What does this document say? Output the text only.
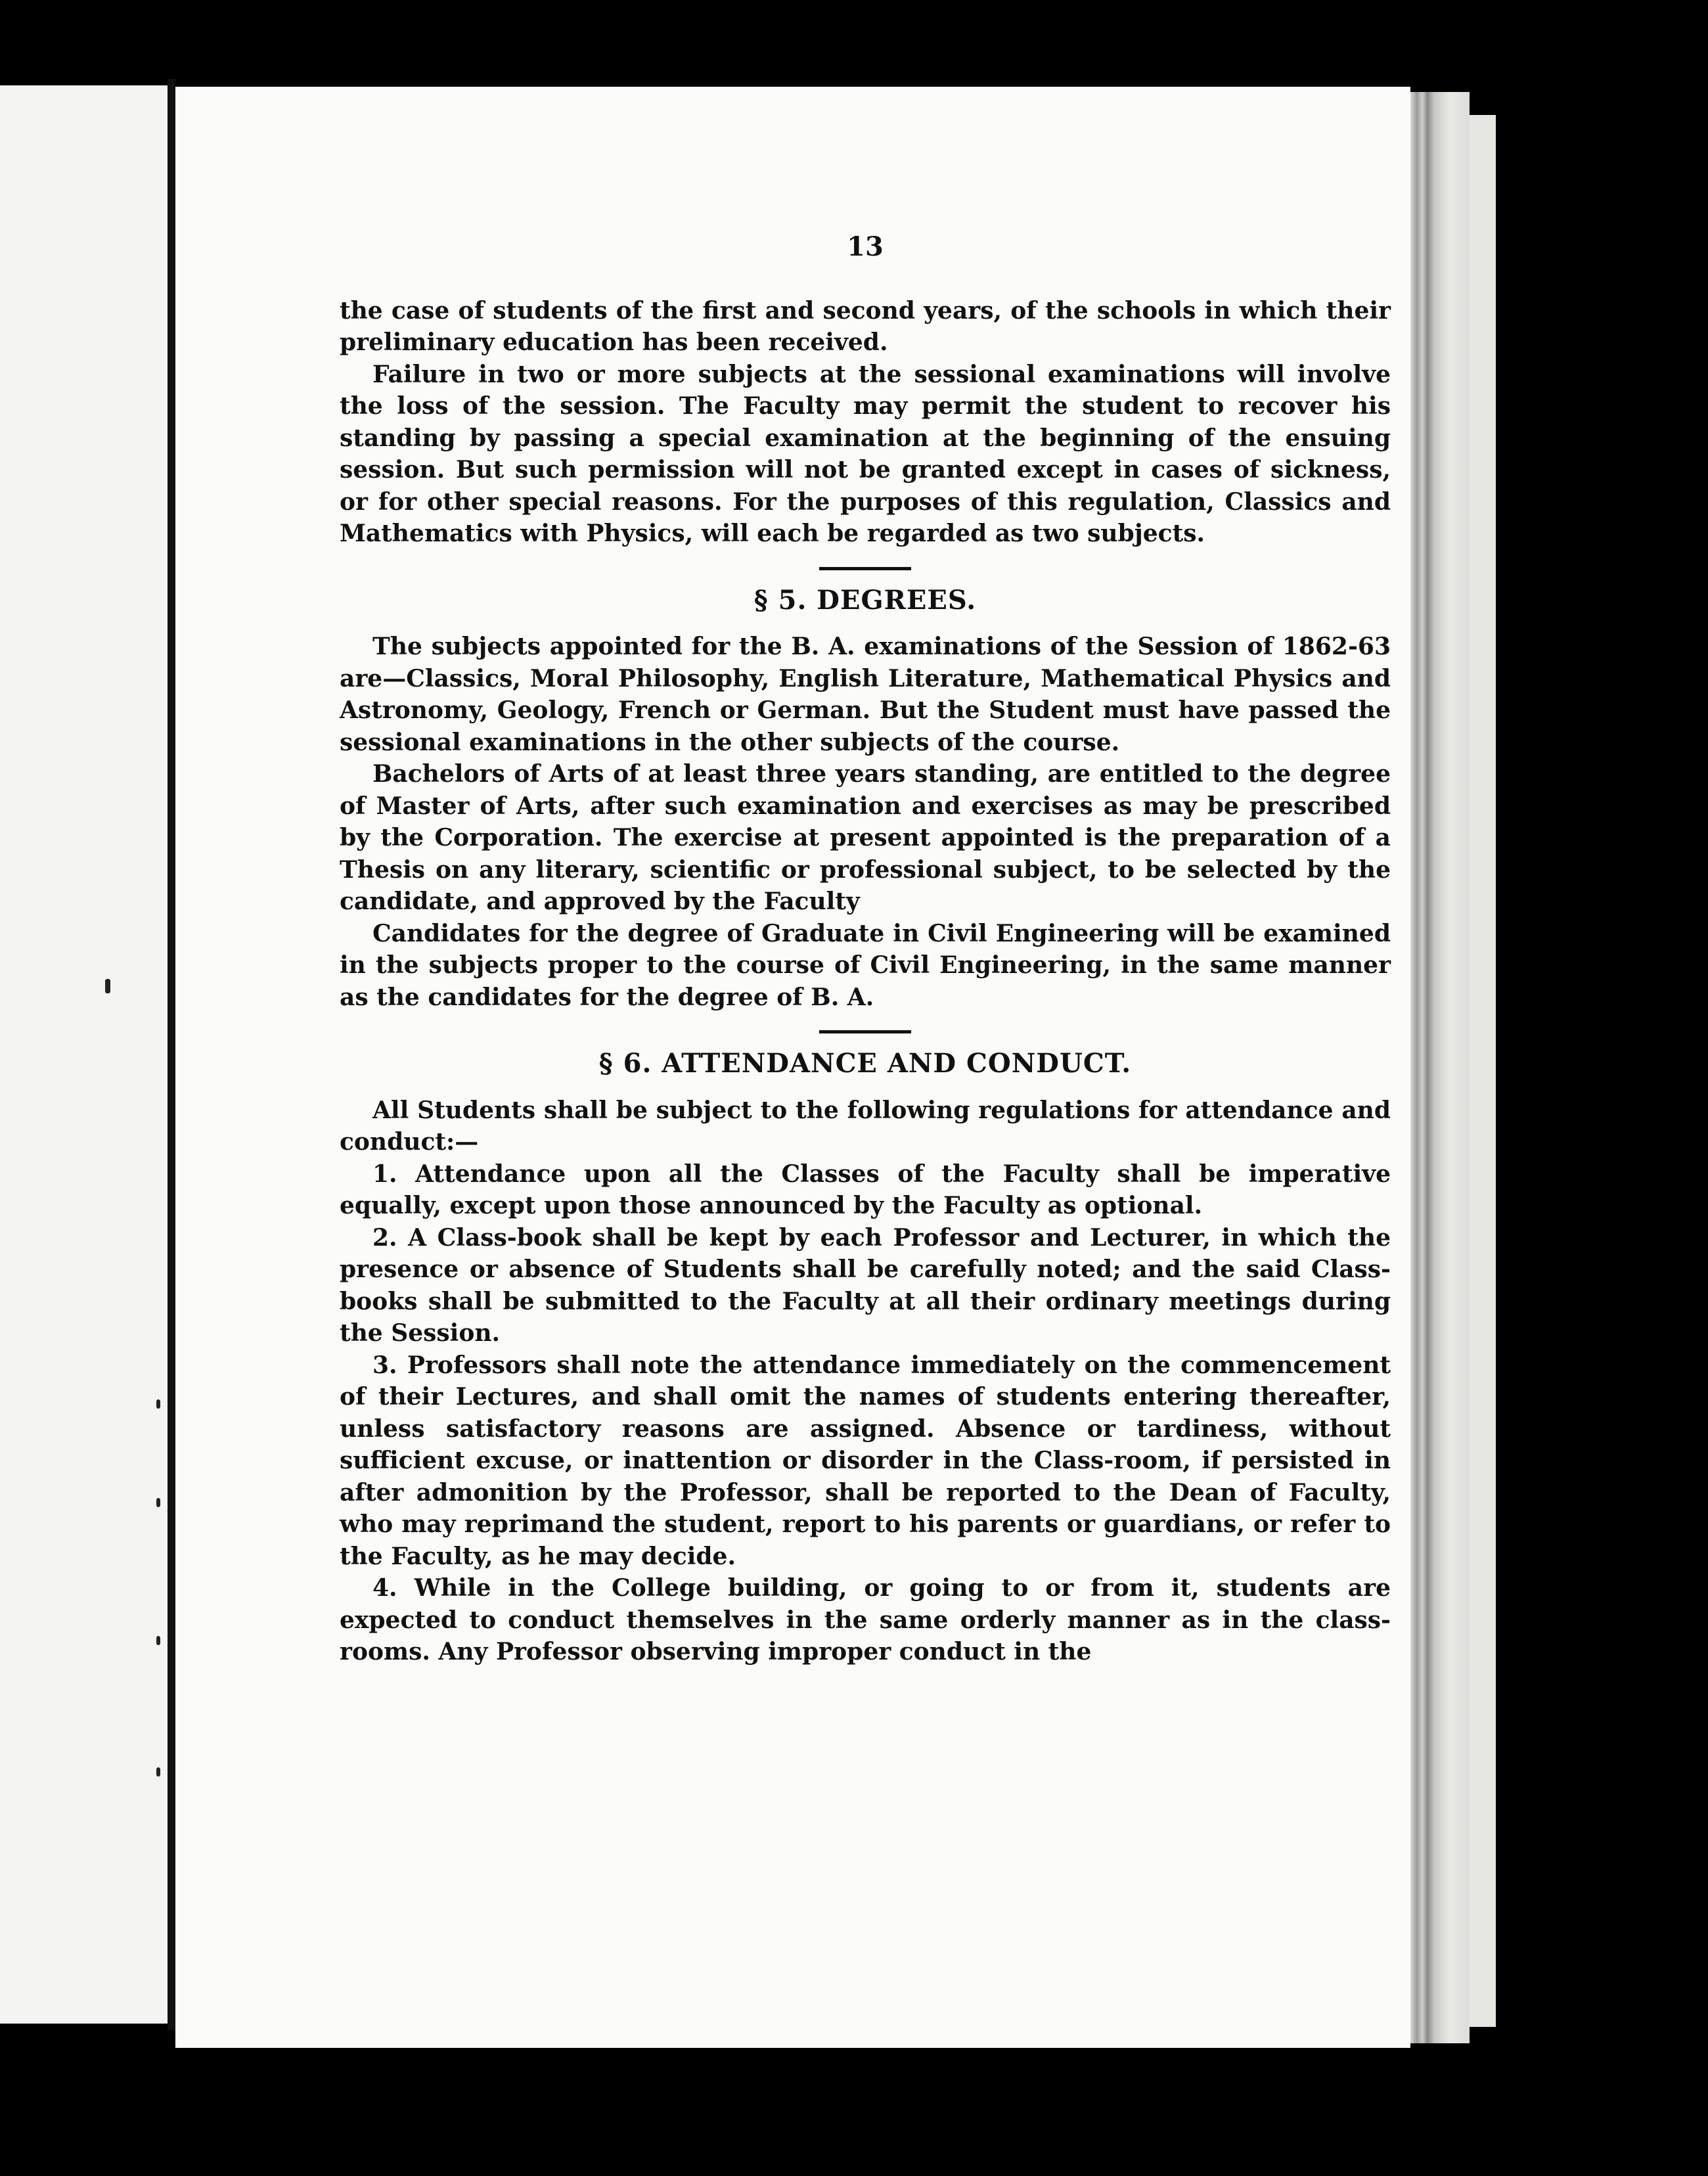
13

the case of students of the first and second years, of the schools in which their preliminary education has been received.

Failure in two or more subjects at the sessional examinations will involve the loss of the session. The Faculty may permit the student to recover his standing by passing a special examination at the beginning of the ensuing session. But such permission will not be granted except in cases of sickness, or for other special reasons. For the purposes of this regulation, Classics and Mathematics with Physics, will each be regarded as two subjects.

§ 5. DEGREES.

The subjects appointed for the B. A. examinations of the Session of 1862-63 are—Classics, Moral Philosophy, English Literature, Mathematical Physics and Astronomy, Geology, French or German. But the Student must have passed the sessional examinations in the other subjects of the course.

Bachelors of Arts of at least three years standing, are entitled to the degree of Master of Arts, after such examination and exercises as may be prescribed by the Corporation. The exercise at present appointed is the preparation of a Thesis on any literary, scientific or professional subject, to be selected by the candidate, and approved by the Faculty

Candidates for the degree of Graduate in Civil Engineering will be examined in the subjects proper to the course of Civil Engineering, in the same manner as the candidates for the degree of B. A.

§ 6. ATTENDANCE AND CONDUCT.

All Students shall be subject to the following regulations for attendance and conduct:—

1. Attendance upon all the Classes of the Faculty shall be imperative equally, except upon those announced by the Faculty as optional.

2. A Class-book shall be kept by each Professor and Lecturer, in which the presence or absence of Students shall be carefully noted; and the said Class-books shall be submitted to the Faculty at all their ordinary meetings during the Session.

3. Professors shall note the attendance immediately on the commencement of their Lectures, and shall omit the names of students entering thereafter, unless satisfactory reasons are assigned. Absence or tardiness, without sufficient excuse, or inattention or disorder in the Class-room, if persisted in after admonition by the Professor, shall be reported to the Dean of Faculty, who may reprimand the student, report to his parents or guardians, or refer to the Faculty, as he may decide.

4. While in the College building, or going to or from it, students are expected to conduct themselves in the same orderly manner as in the class-rooms. Any Professor observing improper conduct in the
